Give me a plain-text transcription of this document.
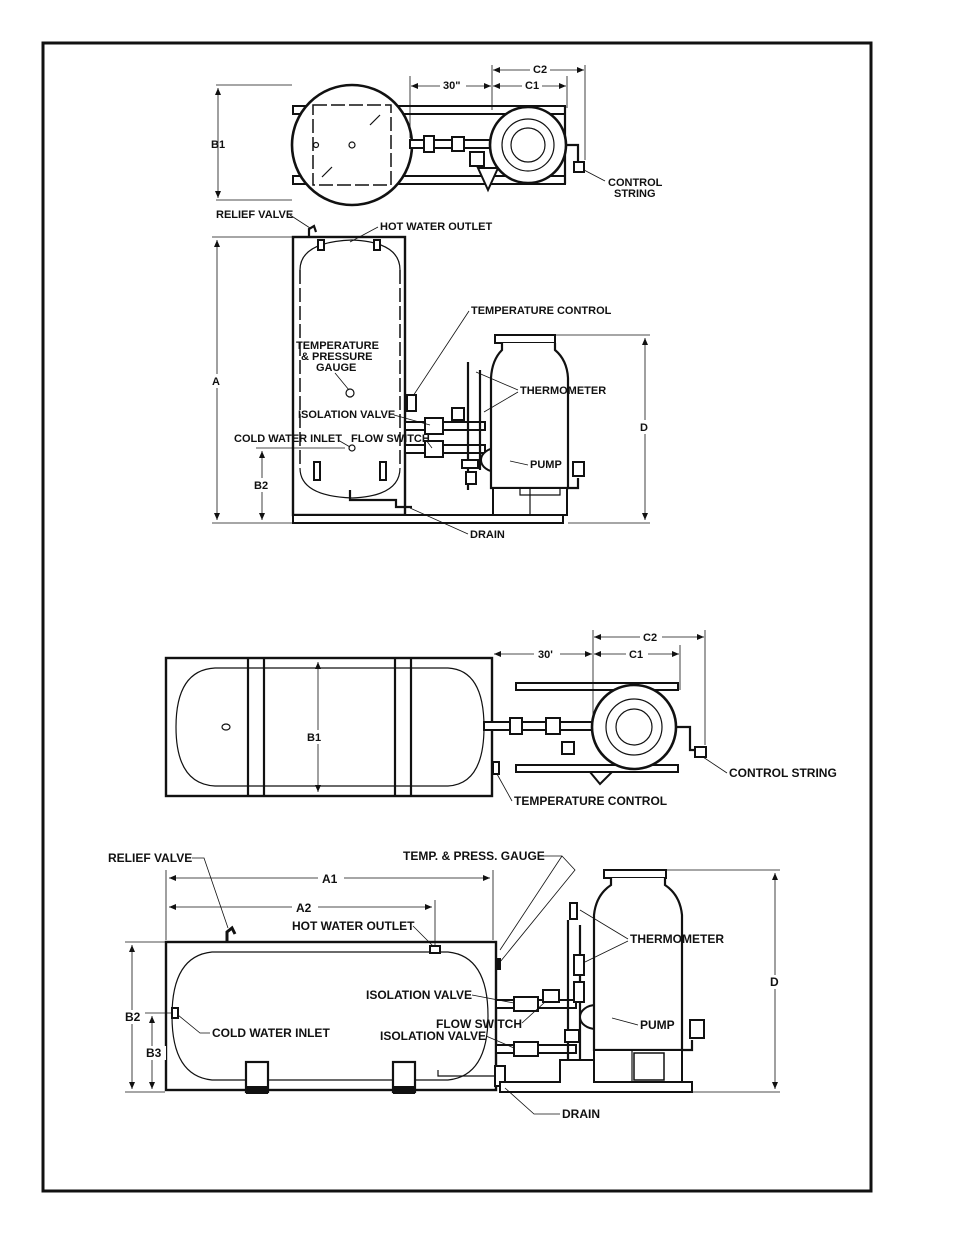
B1
C2
30"	C1
CONTROL
STRING
A
B2
D
RELIEF VALVE
HOT WATER OUTLET
TEMPERATURE CONTROL
TEMPERATURE
& PRESSURE
GAUGE
THERMOMETER
ISOLATION VALVE
COLD WATER INLET FLOW SWITCH
PUMP
DRAIN
B1
C2
30'	C1
CONTROL STRING
TEMPERATURE CONTROL
A1
A2
B2
B3
D
RELIEF VALVE	TEMP. & PRESS. GAUGE
HOT WATER OUTLET
THERMOMETER
ISOLATION VALVE
FLOW SWITCH
ISOLATION VALVE
COLD WATER INLET
PUMP
DRAIN
